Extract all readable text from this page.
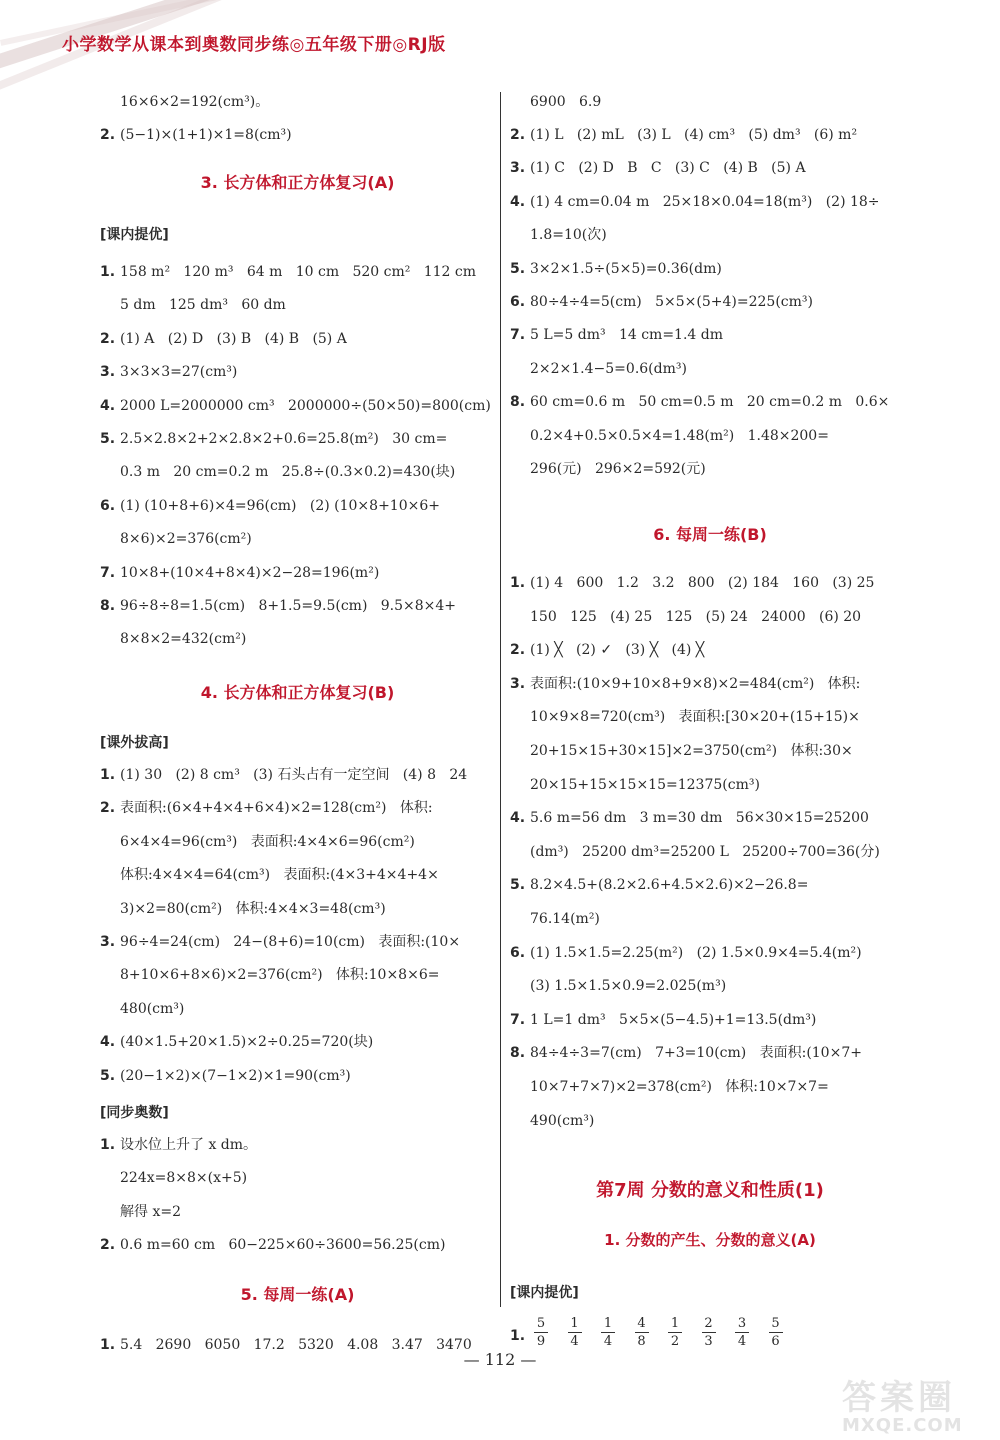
小学数学从课本到奥数同步练◎五年级下册◎RJ版
16×6×2=192(cm³)。
2. (5−1)×(1+1)×1=8(cm³)
3. 长方体和正方体复习(A)
[课内提优]
1. 158 m²   120 m³   64 m   10 cm   520 cm²   112 cm
5 dm   125 dm³   60 dm
2. (1) A   (2) D   (3) B   (4) B   (5) A
3. 3×3×3=27(cm³)
4. 2000 L=2000000 cm³   2000000÷(50×50)=800(cm)
5. 2.5×2.8×2+2×2.8×2+0.6=25.8(m²)   30 cm=
0.3 m   20 cm=0.2 m   25.8÷(0.3×0.2)=430(块)
6. (1) (10+8+6)×4=96(cm)   (2) (10×8+10×6+
8×6)×2=376(cm²)
7. 10×8+(10×4+8×4)×2−28=196(m²)
8. 96÷8÷8=1.5(cm)   8+1.5=9.5(cm)   9.5×8×4+
8×8×2=432(cm²)
4. 长方体和正方体复习(B)
[课外拔高]
1. (1) 30   (2) 8 cm³   (3) 石头占有一定空间   (4) 8   24
2. 表面积:(6×4+4×4+6×4)×2=128(cm²)   体积:
6×4×4=96(cm³)   表面积:4×4×6=96(cm²)
体积:4×4×4=64(cm³)   表面积:(4×3+4×4+4×
3)×2=80(cm²)   体积:4×4×3=48(cm³)
3. 96÷4=24(cm)   24−(8+6)=10(cm)   表面积:(10×
8+10×6+8×6)×2=376(cm²)   体积:10×8×6=
480(cm³)
4. (40×1.5+20×1.5)×2÷0.25=720(块)
5. (20−1×2)×(7−1×2)×1=90(cm³)
[同步奥数]
1. 设水位上升了 x dm。
224x=8×8×(x+5)
解得 x=2
2. 0.6 m=60 cm   60−225×60÷3600=56.25(cm)
5. 每周一练(A)
1. 5.4   2690   6050   17.2   5320   4.08   3.47   3470
6900   6.9
2. (1) L   (2) mL   (3) L   (4) cm³   (5) dm³   (6) m²
3. (1) C   (2) D   B   C   (3) C   (4) B   (5) A
4. (1) 4 cm=0.04 m   25×18×0.04=18(m³)   (2) 18÷
1.8=10(次)
5. 3×2×1.5÷(5×5)=0.36(dm)
6. 80÷4÷4=5(cm)   5×5×(5+4)=225(cm³)
7. 5 L=5 dm³   14 cm=1.4 dm
2×2×1.4−5=0.6(dm³)
8. 60 cm=0.6 m   50 cm=0.5 m   20 cm=0.2 m   0.6×
0.2×4+0.5×0.5×4=1.48(m²)   1.48×200=
296(元)   296×2=592(元)
6. 每周一练(B)
1. (1) 4   600   1.2   3.2   800   (2) 184   160   (3) 25
150   125   (4) 25   125   (5) 24   24000   (6) 20
2. (1) ╳   (2) ✓   (3) ╳   (4) ╳
3. 表面积:(10×9+10×8+9×8)×2=484(cm²)   体积:
10×9×8=720(cm³)   表面积:[30×20+(15+15)×
20+15×15+30×15]×2=3750(cm²)   体积:30×
20×15+15×15×15=12375(cm³)
4. 5.6 m=56 dm   3 m=30 dm   56×30×15=25200
(dm³)   25200 dm³=25200 L   25200÷700=36(分)
5. 8.2×4.5+(8.2×2.6+4.5×2.6)×2−26.8=
76.14(m²)
6. (1) 1.5×1.5=2.25(m²)   (2) 1.5×0.9×4=5.4(m²)
(3) 1.5×1.5×0.9=2.025(m³)
7. 1 L=1 dm³   5×5×(5−4.5)+1=13.5(dm³)
8. 84÷4÷3=7(cm)   7+3=10(cm)   表面积:(10×7+
10×7+7×7)×2=378(cm²)   体积:10×7×7=
490(cm³)
第7周 分数的意义和性质(1)
1. 分数的产生、分数的意义(A)
[课内提优]
1.
5
9
1
4
1
4
4
8
1
2
2
3
3
4
5
6
— 112 —
答案圈
MXQE.COM
